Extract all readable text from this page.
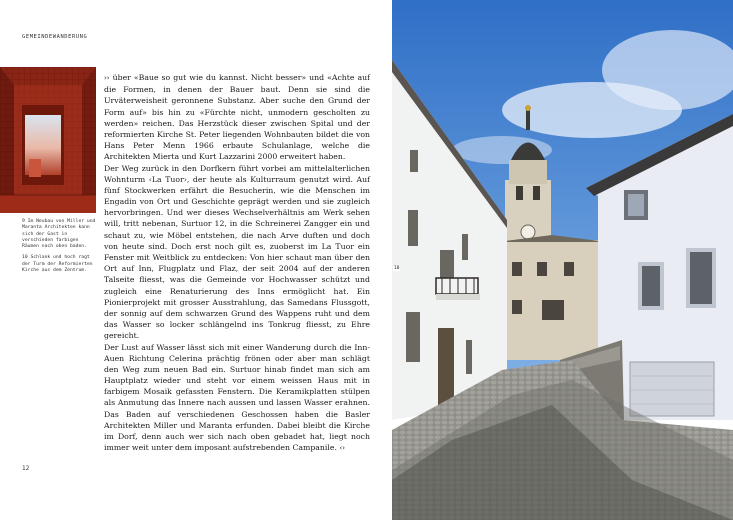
GEMEINDEWANDERUNG
9

9 Im Neubau von Miller und Maranta Architekten kann sich der Gast in verschieden farbigen Räumen nach oben baden.

10 Schlank und hoch ragt der Turm der Reformierten Kirche aus dem Zentrum.

›› über «Baue so gut wie du kannst. Nicht besser» und «Achte auf die Formen, in denen der Bauer baut. Denn sie sind die Urväterweisheit geronnene Substanz. Aber suche den Grund der Form auf» bis hin zu «Fürchte nicht, unmodern gescholten zu werden» reichen. Das Herzstück dieser zwischen Spital und der reformierten Kirche St. Peter liegenden Wohnbauten bildet die von Hans Peter Menn 1966 erbaute Schulanlage, welche die Architekten Mierta und Kurt Lazzarini 2000 erweitert haben.

Der Weg zurück in den Dorfkern führt vorbei am mittelalterlichen Wohnturm ‹La Tuor›, der heute als Kulturraum genutzt wird. Auf fünf Stockwerken erfährt die Besucherin, wie die Menschen im Engadin von Ort und Geschichte geprägt werden und sie zugleich hervorbringen. Und wer dieses Wechselverhältnis am Werk sehen will, tritt nebenan, Surtuor 12, in die Schreinerei Zangger ein und schaut zu, wie Möbel entstehen, die nach Arve duften und doch von heute sind. Doch erst noch gilt es, zuoberst im La Tuor ein Fenster mit Weitblick zu entdecken: Von hier schaut man über den Ort auf Inn, Flugplatz und Flaz, der seit 2004 auf der anderen Talseite fliesst, was die Gemeinde vor Hochwasser schützt und zugleich eine Renaturierung des Inns ermöglicht hat. Ein Pionierprojekt mit grosser Ausstrahlung, das Samedans Flussgott, der sonnig auf dem schwarzen Grund des Wappens ruht und dem das Wasser so locker schlängelnd ins Tonkrug fliesst, zu Ehre gereicht.

Der Lust auf Wasser lässt sich mit einer Wanderung durch die Inn-Auen Richtung Celerina prächtig frönen oder aber man schlägt den Weg zum neuen Bad ein. Surtuor hinab findet man sich am Hauptplatz wieder und steht vor einem weissen Haus mit in farbigem Mosaik gefassten Fenstern. Die Keramikplatten stülpen als Anmutung das Innere nach aussen und lassen Wasser erahnen. Das Baden auf verschiedenen Geschossen haben die Basler Architekten Miller und Maranta erfunden. Dabei bleibt die Kirche im Dorf, denn auch wer sich nach oben gebadet hat, liegt noch immer weit unter dem imposant aufstrebenden Campanile. ‹›

12
10
